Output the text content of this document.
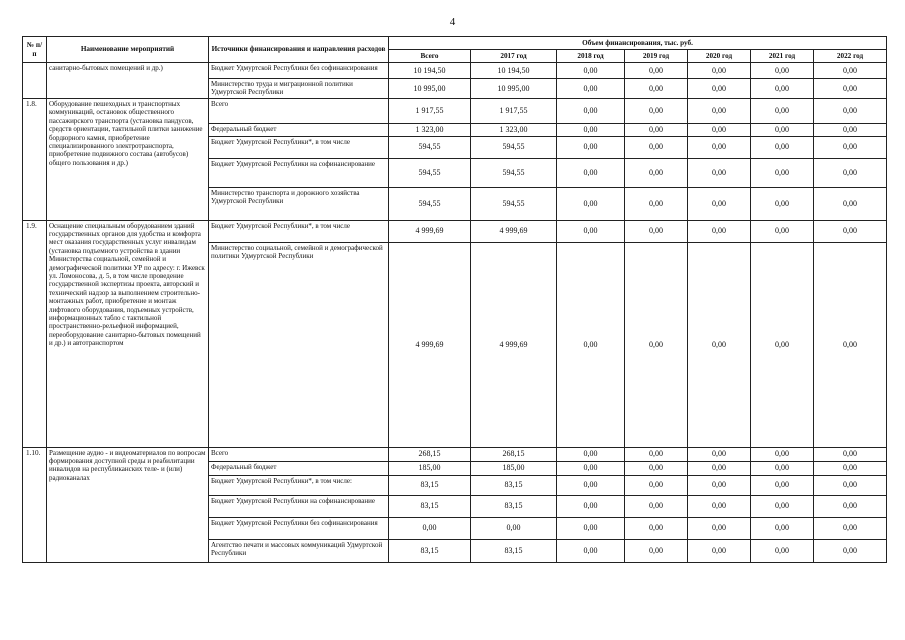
4
№ п/п	Наименование мероприятий	Источники финансирования и направления расходов	Объем финансирования, тыс. руб.						
			Всего	2017 год	2018 год	2019 год	2020 год	2021 год	2022 год
	санитарно-бытовых помещений и др.)	Бюджет Удмуртской Республики без софинансирования	10 194,50	10 194,50	0,00	0,00	0,00	0,00	0,00
		Министерство труда и миграционной политики Удмуртской Республики	10 995,00	10 995,00	0,00	0,00	0,00	0,00	0,00
1.8.	Оборудование пешеходных и транспортных коммуникаций, остановок общественного пассажирского транспорта (установка пандусов, средств ориентации, тактильной плитки занижение бордюрного камня, приобретение специализированного электротранспорта, приобретение подвижного состава (автобусов) общего пользования и др.)	Всего	1 917,55	1 917,55	0,00	0,00	0,00	0,00	0,00
		Федеральный бюджет	1 323,00	1 323,00	0,00	0,00	0,00	0,00	0,00
		Бюджет Удмуртской Республики*, в том числе	594,55	594,55	0,00	0,00	0,00	0,00	0,00
		Бюджет Удмуртской Республики на софинансирование	594,55	594,55	0,00	0,00	0,00	0,00	0,00
		Министерство транспорта и дорожного хозяйства Удмуртской Республики	594,55	594,55	0,00	0,00	0,00	0,00	0,00
1.9.	Оснащение специальным оборудованием зданий государственных органов для удобства и комфорта мест оказания государственных услуг инвалидам (установка подъемного устройства в здании Министерства социальной, семейной и демографической политики УР по адресу: г. Ижевск ул. Ломоносова, д. 5, в том числе проведение государственной экспертизы проекта, авторский и технический надзор за выполнением строительно-монтажных работ, приобретение и монтаж лифтового оборудования, подъемных устройств, информационных табло с тактильной пространственно-рельефной информацией, переоборудование санитарно-бытовых помещений и др.) и автотранспортом	Бюджет Удмуртской Республики*, в том числе	4 999,69	4 999,69	0,00	0,00	0,00	0,00	0,00
		Министерство социальной, семейной и демографической политики Удмуртской Республики	4 999,69	4 999,69	0,00	0,00	0,00	0,00	0,00
1.10.	Размещение аудио - и видеоматериалов по вопросам формирования доступной среды и реабилитации инвалидов на республиканских теле- и (или) радиоканалах	Всего	268,15	268,15	0,00	0,00	0,00	0,00	0,00
		Федеральный бюджет	185,00	185,00	0,00	0,00	0,00	0,00	0,00
		Бюджет Удмуртской Республики*, в том числе:	83,15	83,15	0,00	0,00	0,00	0,00	0,00
		Бюджет Удмуртской Республики на софинансирование	83,15	83,15	0,00	0,00	0,00	0,00	0,00
		Бюджет Удмуртской Республики без софинансирования	0,00	0,00	0,00	0,00	0,00	0,00	0,00
		Агентство печати и массовых коммуникаций Удмуртской Республики	83,15	83,15	0,00	0,00	0,00	0,00	0,00
